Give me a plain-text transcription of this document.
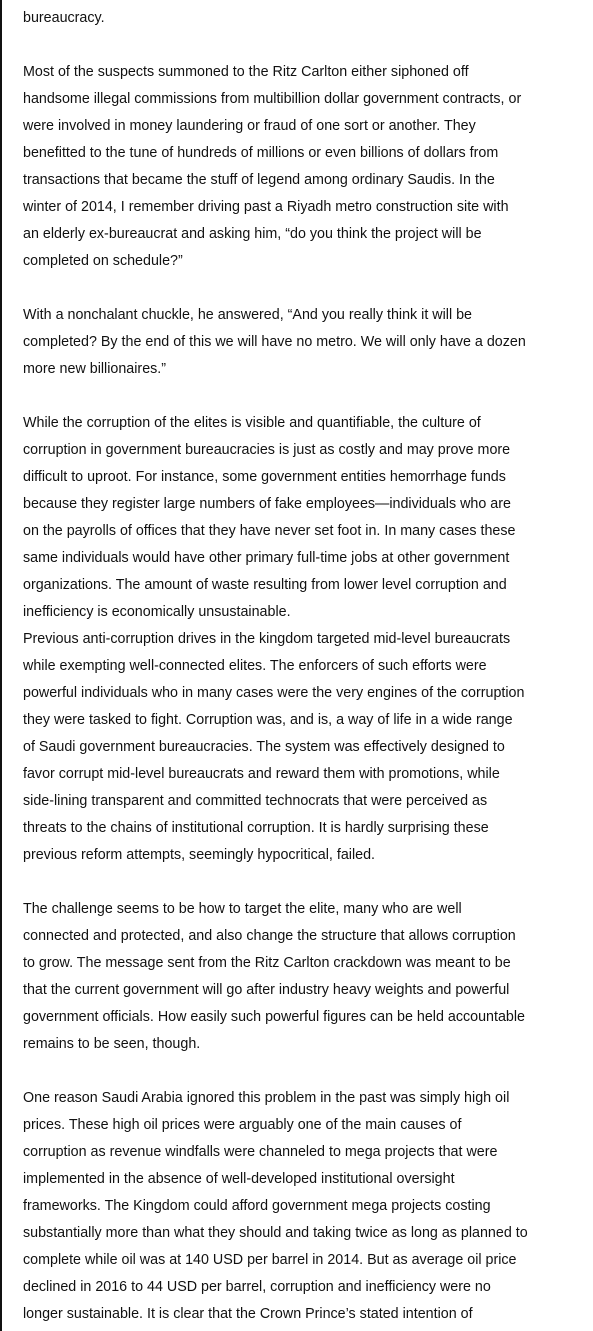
bureaucracy.

Most of the suspects summoned to the Ritz Carlton either siphoned off
handsome illegal commissions from multibillion dollar government contracts, or
were involved in money laundering or fraud of one sort or another. They
benefitted to the tune of hundreds of millions or even billions of dollars from
transactions that became the stuff of legend among ordinary Saudis. In the
winter of 2014, I remember driving past a Riyadh metro construction site with
an elderly ex-bureaucrat and asking him, “do you think the project will be
completed on schedule?”

With a nonchalant chuckle, he answered, “And you really think it will be
completed? By the end of this we will have no metro. We will only have a dozen
more new billionaires.”

While the corruption of the elites is visible and quantifiable, the culture of
corruption in government bureaucracies is just as costly and may prove more
difficult to uproot. For instance, some government entities hemorrhage funds
because they register large numbers of fake employees—individuals who are
on the payrolls of offices that they have never set foot in. In many cases these
same individuals would have other primary full-time jobs at other government
organizations. The amount of waste resulting from lower level corruption and
inefficiency is economically unsustainable.

Previous anti-corruption drives in the kingdom targeted mid-level bureaucrats
while exempting well-connected elites. The enforcers of such efforts were
powerful individuals who in many cases were the very engines of the corruption
they were tasked to fight. Corruption was, and is, a way of life in a wide range
of Saudi government bureaucracies. The system was effectively designed to
favor corrupt mid-level bureaucrats and reward them with promotions, while
side-lining transparent and committed technocrats that were perceived as
threats to the chains of institutional corruption. It is hardly surprising these
previous reform attempts, seemingly hypocritical, failed.

The challenge seems to be how to target the elite, many who are well
connected and protected, and also change the structure that allows corruption
to grow. The message sent from the Ritz Carlton crackdown was meant to be
that the current government will go after industry heavy weights and powerful
government officials. How easily such powerful figures can be held accountable
remains to be seen, though.

One reason Saudi Arabia ignored this problem in the past was simply high oil
prices. These high oil prices were arguably one of the main causes of
corruption as revenue windfalls were channeled to mega projects that were
implemented in the absence of well-developed institutional oversight
frameworks. The Kingdom could afford government mega projects costing
substantially more than what they should and taking twice as long as planned to
complete while oil was at 140 USD per barrel in 2014. But as average oil price
declined in 2016 to 44 USD per barrel, corruption and inefficiency were no
longer sustainable. It is clear that the Crown Prince’s stated intention of
